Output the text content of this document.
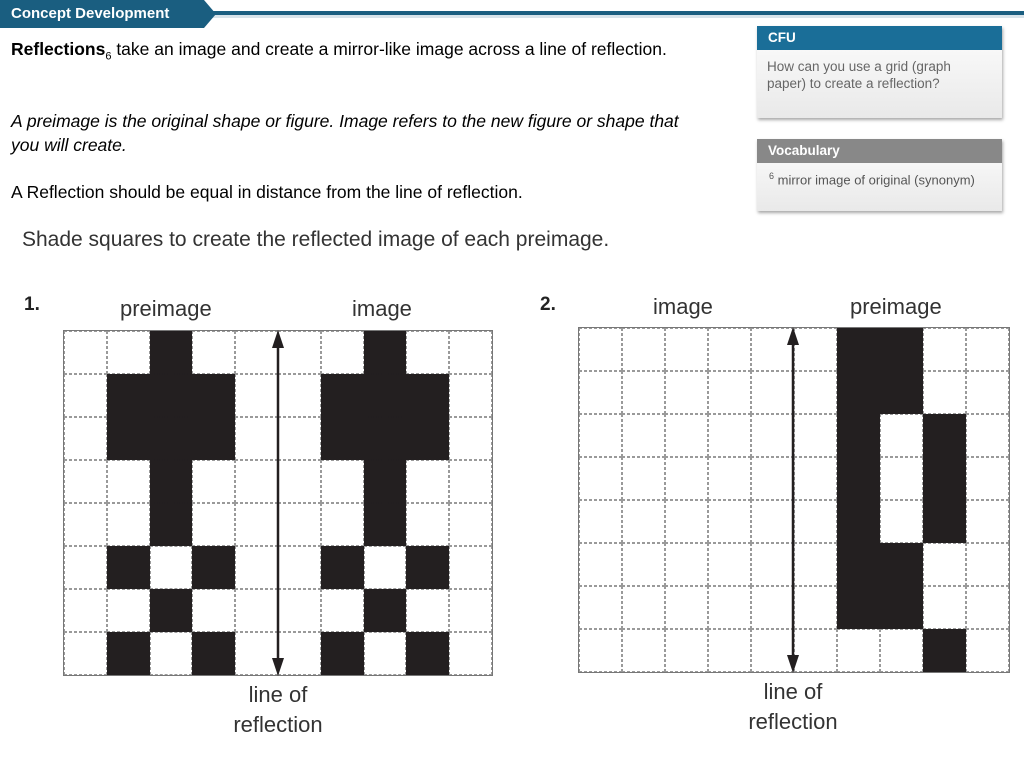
Concept Development
Reflections$_6$ take an image and create a mirror-like image across a line of reflection.
A preimage is the original shape or figure. Image refers to the new figure or shape that you will create.
A Reflection should be equal in distance from the line of reflection.
Shade squares to create the reflected image of each preimage.
CFU
How can you use a grid (graph paper) to create a reflection?
Vocabulary
$^6$ mirror image of original (synonym)
1.	preimage	image
line of
reflection
2.	image	preimage
line of
reflection
